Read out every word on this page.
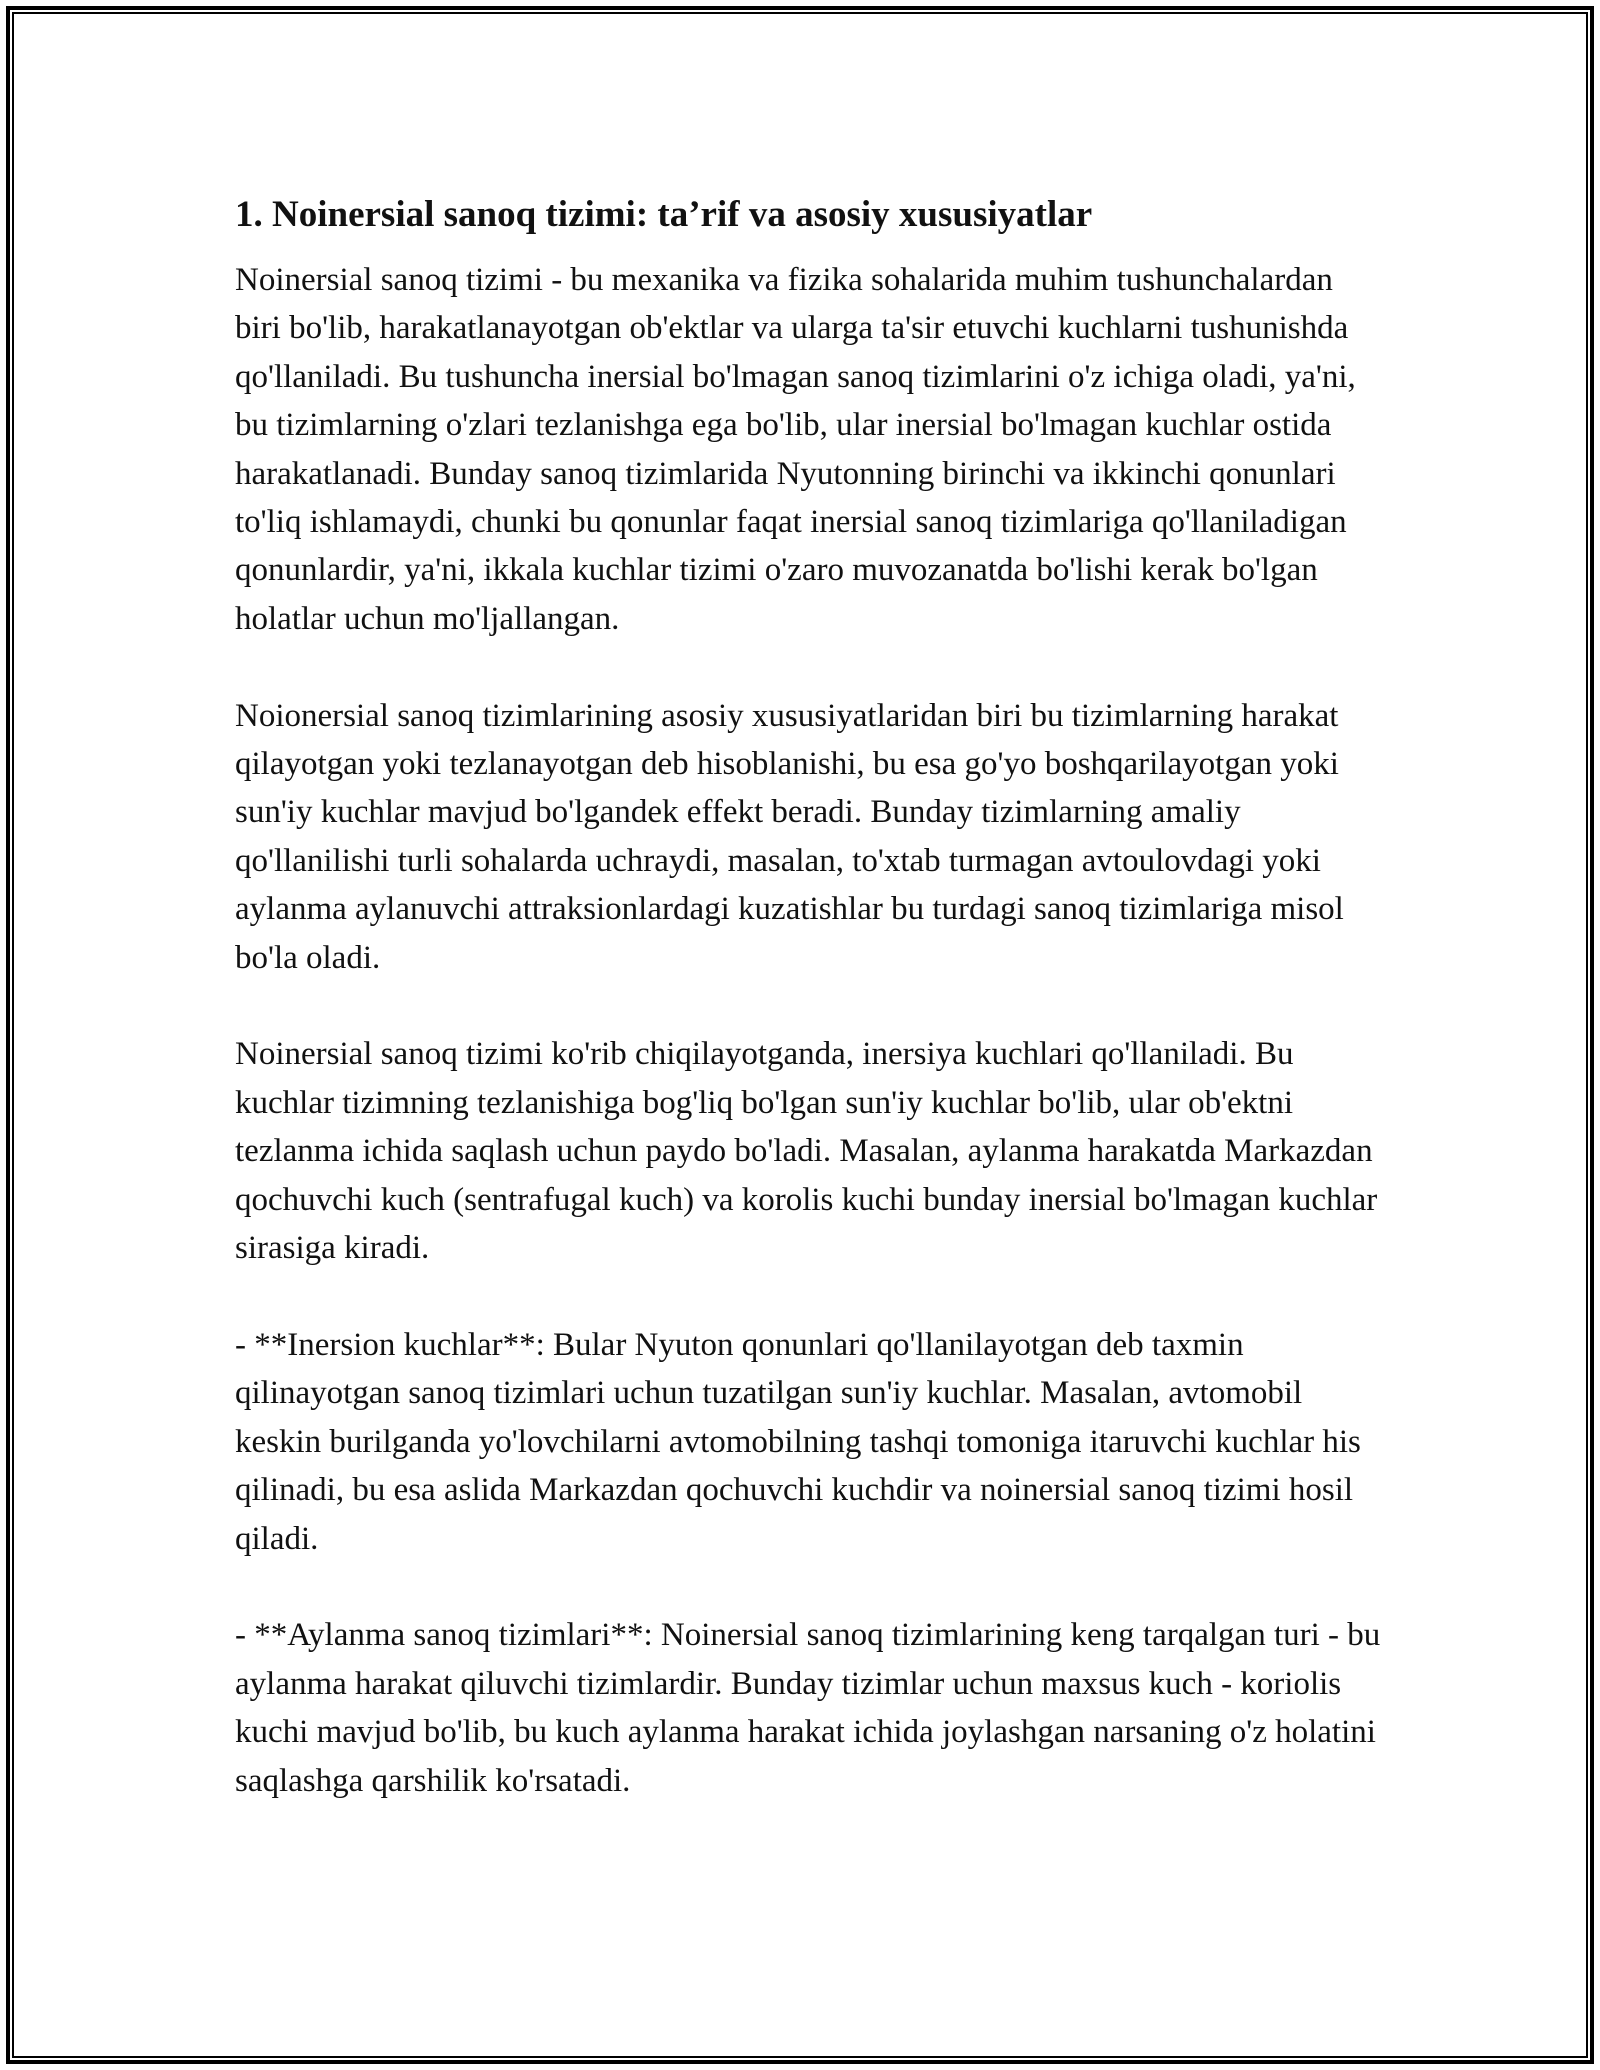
1. Noinersial sanoq tizimi: ta’rif va asosiy xususiyatlar

Noinersial sanoq tizimi - bu mexanika va fizika sohalarida muhim tushunchalardan biri bo'lib, harakatlanayotgan ob'ektlar va ularga ta'sir etuvchi kuchlarni tushunishda qo'llaniladi. Bu tushuncha inersial bo'lmagan sanoq tizimlarini o'z ichiga oladi, ya'ni, bu tizimlarning o'zlari tezlanishga ega bo'lib, ular inersial bo'lmagan kuchlar ostida harakatlanadi. Bunday sanoq tizimlarida Nyutonning birinchi va ikkinchi qonunlari to'liq ishlamaydi, chunki bu qonunlar faqat inersial sanoq tizimlariga qo'llaniladigan qonunlardir, ya'ni, ikkala kuchlar tizimi o'zaro muvozanatda bo'lishi kerak bo'lgan holatlar uchun mo'ljallangan.

Noionersial sanoq tizimlarining asosiy xususiyatlaridan biri bu tizimlarning harakat qilayotgan yoki tezlanayotgan deb hisoblanishi, bu esa go'yo boshqarilayotgan yoki sun'iy kuchlar mavjud bo'lgandek effekt beradi. Bunday tizimlarning amaliy qo'llanilishi turli sohalarda uchraydi, masalan, to'xtab turmagan avtoulovdagi yoki aylanma aylanuvchi attraksionlardagi kuzatishlar bu turdagi sanoq tizimlariga misol bo'la oladi.

Noinersial sanoq tizimi ko'rib chiqilayotganda, inersiya kuchlari qo'llaniladi. Bu kuchlar tizimning tezlanishiga bog'liq bo'lgan sun'iy kuchlar bo'lib, ular ob'ektni tezlanma ichida saqlash uchun paydo bo'ladi. Masalan, aylanma harakatda Markazdan qochuvchi kuch (sentrafugal kuch) va korolis kuchi bunday inersial bo'lmagan kuchlar sirasiga kiradi.

- **Inersion kuchlar**: Bular Nyuton qonunlari qo'llanilayotgan deb taxmin qilinayotgan sanoq tizimlari uchun tuzatilgan sun'iy kuchlar. Masalan, avtomobil keskin burilganda yo'lovchilarni avtomobilning tashqi tomoniga itaruvchi kuchlar his qilinadi, bu esa aslida Markazdan qochuvchi kuchdir va noinersial sanoq tizimi hosil qiladi.

- **Aylanma sanoq tizimlari**: Noinersial sanoq tizimlarining keng tarqalgan turi - bu aylanma harakat qiluvchi tizimlardir. Bunday tizimlar uchun maxsus kuch - koriolis kuchi mavjud bo'lib, bu kuch aylanma harakat ichida joylashgan narsaning o'z holatini saqlashga qarshilik ko'rsatadi.
